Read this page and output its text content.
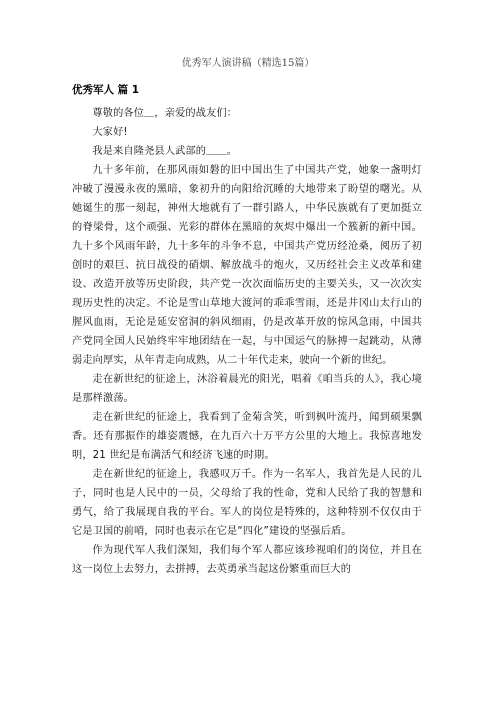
优秀军人演讲稿（精选15篇）
优秀军人 篇 1

尊敬的各位＿，亲爱的战友们：

大家好!

我是来自隆尧县人武部的＿＿。

九十多年前，在那风雨如磐的旧中国出生了中国共产党，她象一盏明灯冲破了漫漫永夜的黑暗，象初升的向阳给沉睡的大地带来了盼望的曙光。从她诞生的那一刻起，神州大地就有了一群引路人，中华民族就有了更加挺立的脊梁骨，这个顽强、光彩的群体在黑暗的灰烬中爆出一个簇新的新中国。九十多个风雨年龄，九十多年的斗争不息，中国共产党历经沧桑，阅历了初创时的艰巨、抗日战役的硝烟、解放战斗的炮火，又历经社会主义改革和建设、改造开放等历史阶段，共产党一次次面临历史的主要关头，又一次次实现历史性的决定。不论是雪山草地大渡河的乖乖雪雨，还是井冈山太行山的腥风血雨，无论是延安窑洞的斜风细雨，仍是改革开放的惊风急雨，中国共产党同全国人民始终牢牢地团结在一起，与中国运气的脉搏一起跳动，从薄弱走向厚实，从年青走向成熟，从二十年代走来，驶向一个新的世纪。

走在新世纪的征途上，沐浴着晨光的阳光，唱着《咱当兵的人》，我心境是那样激荡。

走在新世纪的征途上，我看到了金菊含笑，听到枫叶流丹，闻到硕果飘香。还有那振作的雄姿震憾，在九百六十万平方公里的大地上。我惊喜地发明，21 世纪是布满活气和经济飞速的时期。

走在新世纪的征途上，我感叹万千。作为一名军人，我首先是人民的儿子，同时也是人民中的一员，父母给了我的性命，党和人民给了我的智慧和勇气，给了我展现自我的平台。军人的岗位是特殊的，这种特别不仅仅由于它是卫国的前哨，同时也表示在它是“四化”建设的坚强后盾。

作为现代军人我们深知，我们每个军人都应该珍视咱们的岗位，并且在这一岗位上去努力，去拼搏，去英勇承当起这份繁重而巨大的
